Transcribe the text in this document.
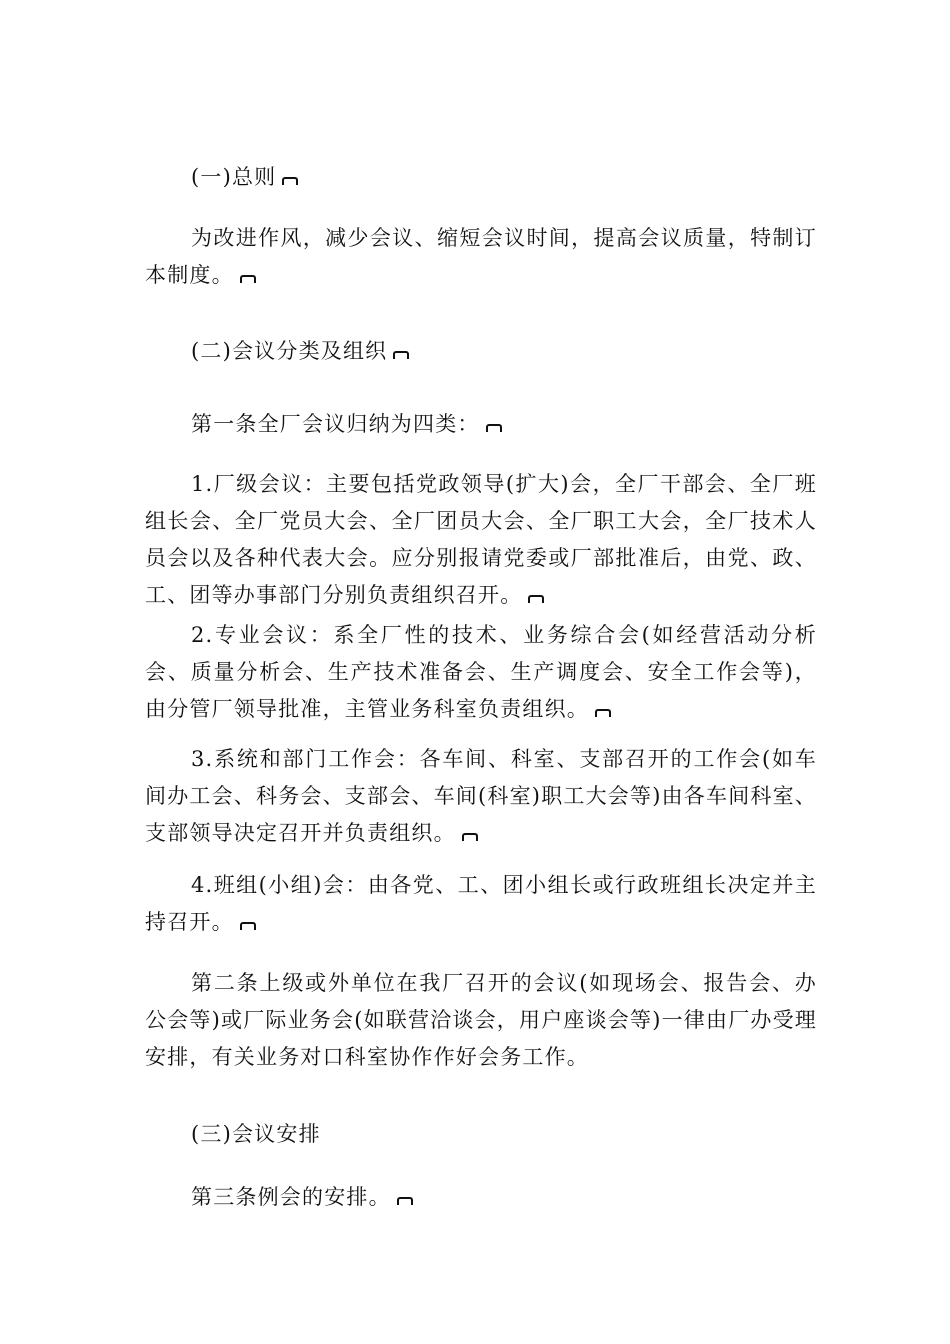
(一)总则

为改进作风，减少会议、缩短会议时间，提高会议质量，特制订本制度。

(二)会议分类及组织

第一条全厂会议归纳为四类：

1.厂级会议：主要包括党政领导(扩大)会，全厂干部会、全厂班组长会、全厂党员大会、全厂团员大会、全厂职工大会，全厂技术人员会以及各种代表大会。应分别报请党委或厂部批准后，由党、政、工、团等办事部门分别负责组织召开。

2.专业会议：系全厂性的技术、业务综合会(如经营活动分析会、质量分析会、生产技术准备会、生产调度会、安全工作会等)，由分管厂领导批准，主管业务科室负责组织。

3.系统和部门工作会：各车间、科室、支部召开的工作会(如车间办工会、科务会、支部会、车间(科室)职工大会等)由各车间科室、支部领导决定召开并负责组织。

4.班组(小组)会：由各党、工、团小组长或行政班组长决定并主持召开。

第二条上级或外单位在我厂召开的会议(如现场会、报告会、办公会等)或厂际业务会(如联营洽谈会，用户座谈会等)一律由厂办受理安排，有关业务对口科室协作作好会务工作。

(三)会议安排

第三条例会的安排。
